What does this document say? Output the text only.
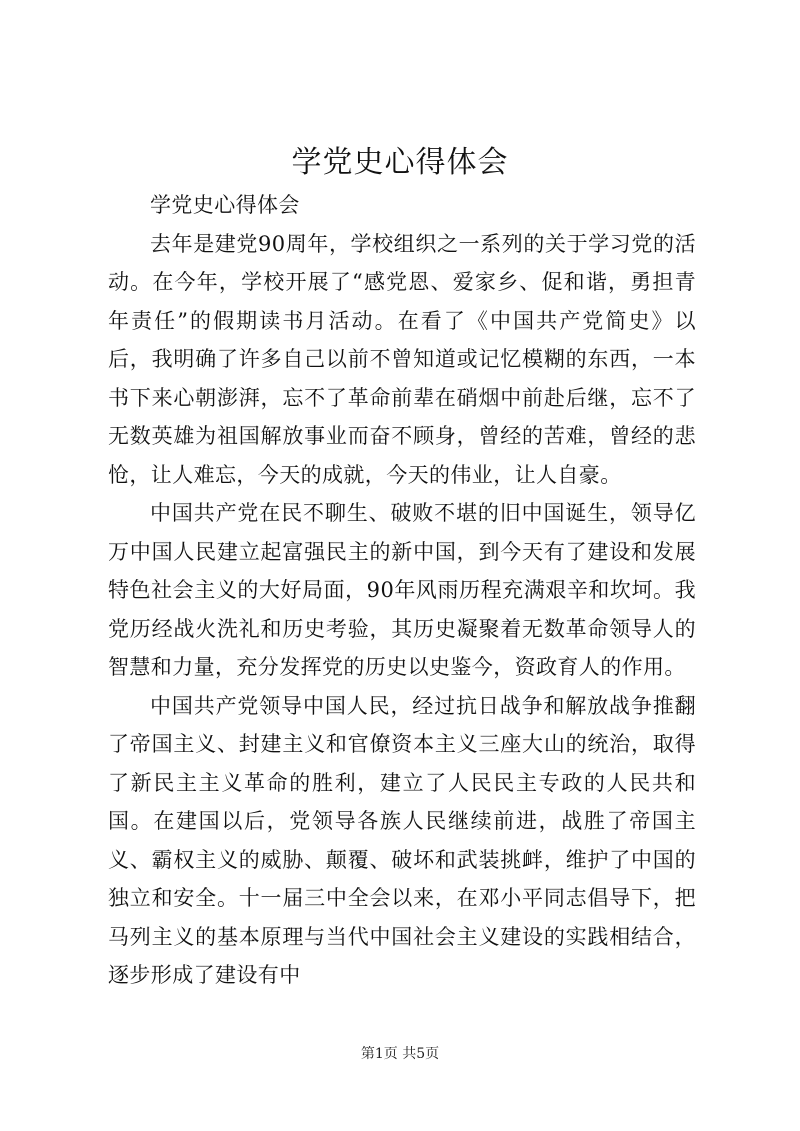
学党史心得体会

学党史心得体会

去年是建党90周年，学校组织之一系列的关于学习党的活动。在今年，学校开展了“感党恩、爱家乡、促和谐，勇担青年责任”的假期读书月活动。在看了《中国共产党简史》以后，我明确了许多自己以前不曾知道或记忆模糊的东西，一本书下来心朝澎湃，忘不了革命前辈在硝烟中前赴后继，忘不了无数英雄为祖国解放事业而奋不顾身，曾经的苦难，曾经的悲怆，让人难忘，今天的成就，今天的伟业，让人自豪。

中国共产党在民不聊生、破败不堪的旧中国诞生，领导亿万中国人民建立起富强民主的新中国，到今天有了建设和发展特色社会主义的大好局面，90年风雨历程充满艰辛和坎坷。我党历经战火洗礼和历史考验，其历史凝聚着无数革命领导人的智慧和力量，充分发挥党的历史以史鉴今，资政育人的作用。

中国共产党领导中国人民，经过抗日战争和解放战争推翻了帝国主义、封建主义和官僚资本主义三座大山的统治，取得了新民主主义革命的胜利，建立了人民民主专政的人民共和国。在建国以后，党领导各族人民继续前进，战胜了帝国主义、霸权主义的威胁、颠覆、破坏和武装挑衅，维护了中国的独立和安全。十一届三中全会以来，在邓小平同志倡导下，把马列主义的基本原理与当代中国社会主义建设的实践相结合，逐步形成了建设有中

第1页 共5页
